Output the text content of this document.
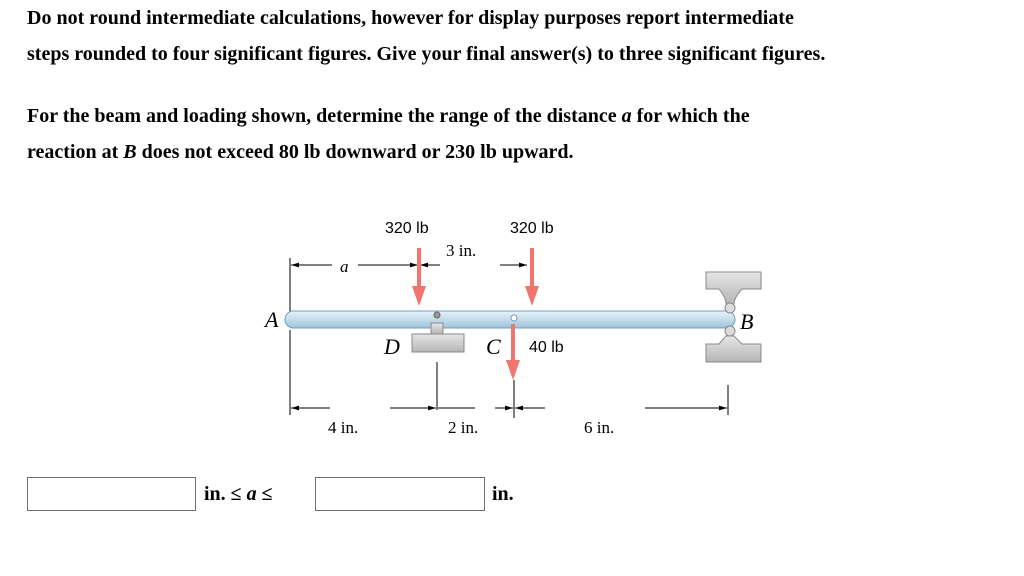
Do not round intermediate calculations, however for display purposes report intermediate
steps rounded to four significant figures. Give your final answer(s) to three significant figures.

For the beam and loading shown, determine the range of the distance a for which the
reaction at B does not exceed 80 lb downward or 230 lb upward.

320 lb	320 lb
40 lb
3 in.
4 in.	2 in.	6 in.
a
A	B
C
D
in. ≤ a ≤	in.
